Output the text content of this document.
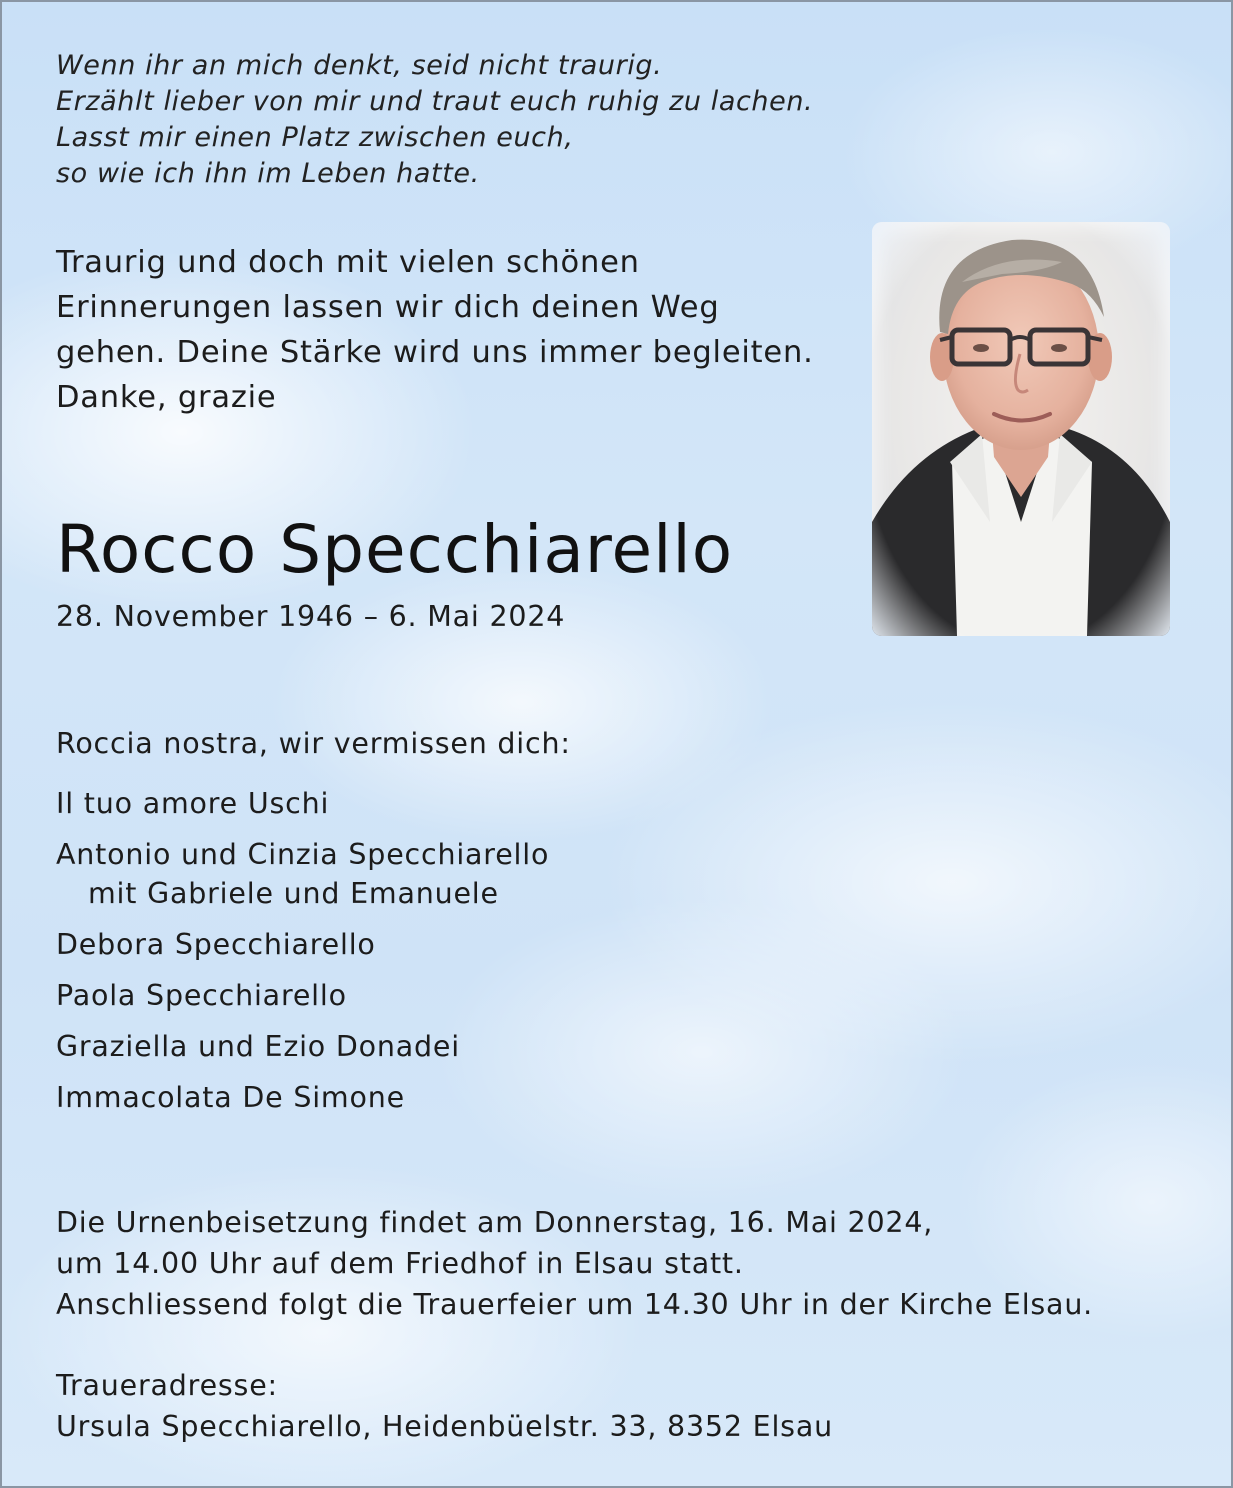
Wenn ihr an mich denkt, seid nicht traurig.
Erzählt lieber von mir und traut euch ruhig zu lachen.
Lasst mir einen Platz zwischen euch,
so wie ich ihn im Leben hatte.
Traurig und doch mit vielen schönen
Erinnerungen lassen wir dich deinen Weg
gehen. Deine Stärke wird uns immer begleiten.
Danke, grazie
Rocco Specchiarello
28. November 1946 – 6. Mai 2024
Roccia nostra, wir vermissen dich:
Il tuo amore Uschi
Antonio und Cinzia Specchiarello
mit Gabriele und Emanuele
Debora Specchiarello
Paola Specchiarello
Graziella und Ezio Donadei
Immacolata De Simone
Die Urnenbeisetzung findet am Donnerstag, 16. Mai 2024,
um 14.00 Uhr auf dem Friedhof in Elsau statt.
Anschliessend folgt die Trauerfeier um 14.30 Uhr in der Kirche Elsau.
Traueradresse:
Ursula Specchiarello, Heidenbüelstr. 33, 8352 Elsau
